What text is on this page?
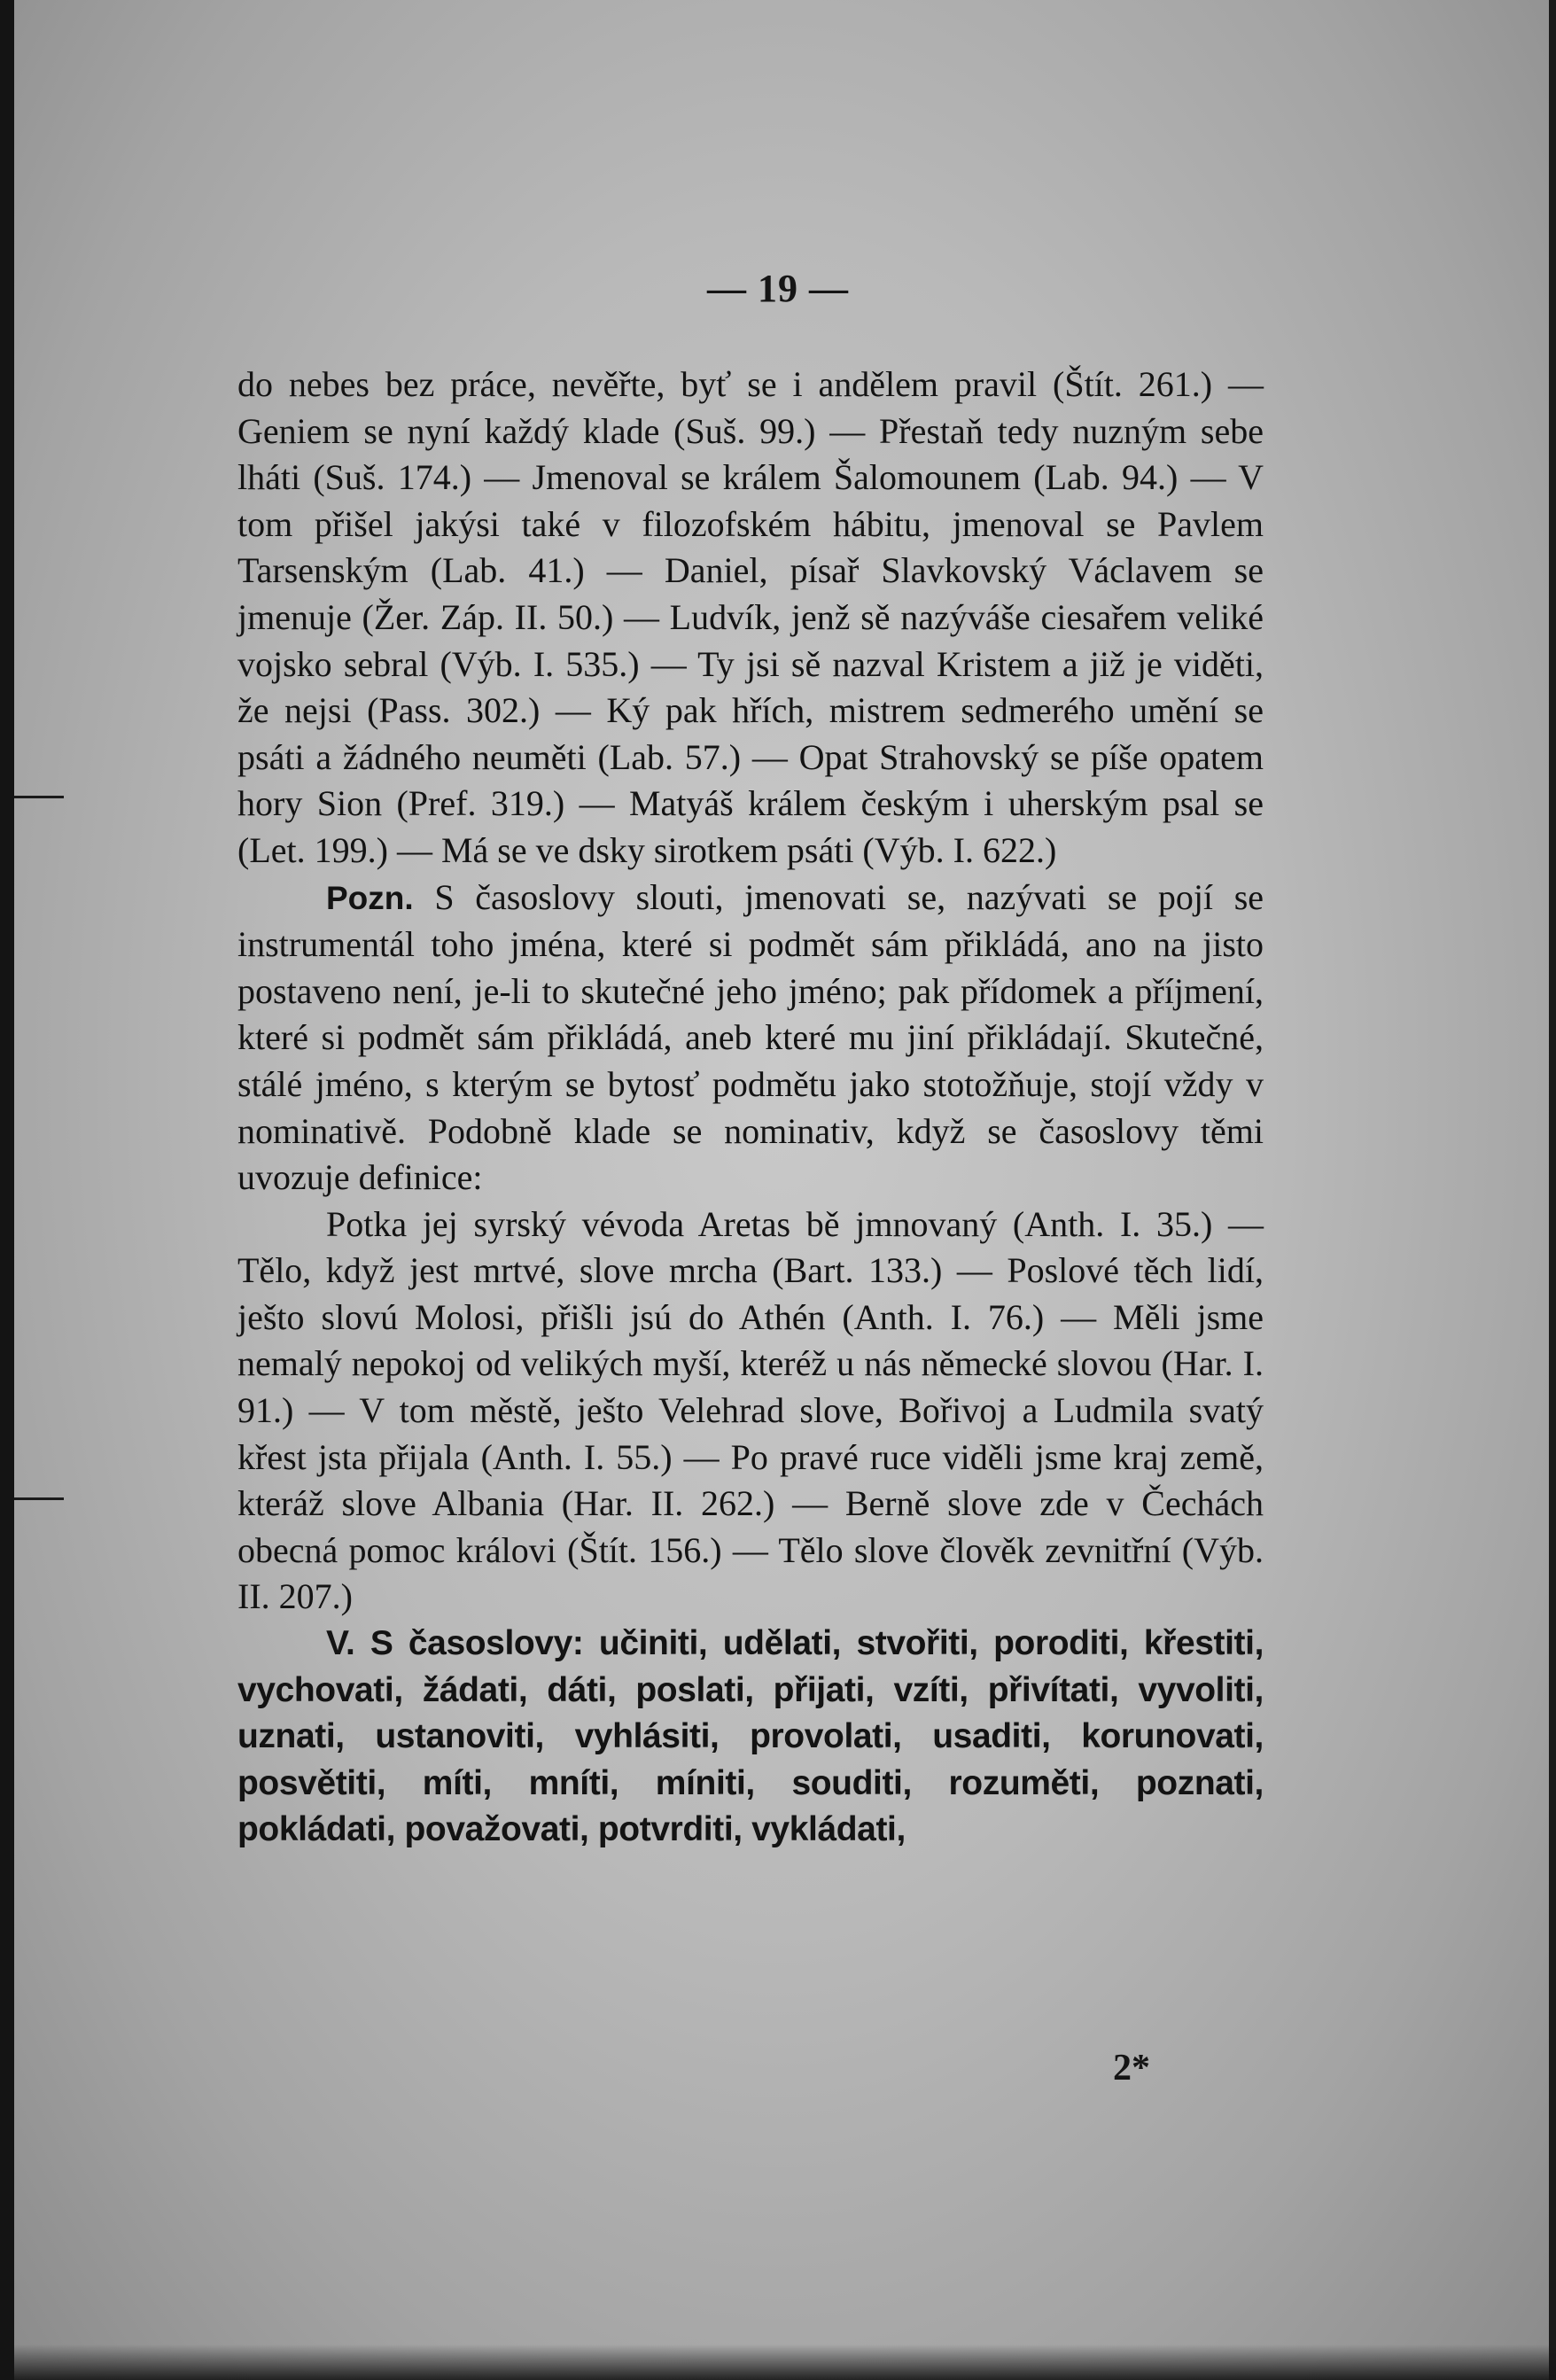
— 19 —

do nebes bez práce, nevěřte, byť se i andělem pravil (Štít. 261.) — Geniem se nyní každý klade (Suš. 99.) — Přestaň tedy nuzným sebe lháti (Suš. 174.) — Jmenoval se králem Šalomounem (Lab. 94.) — V tom přišel jakýsi také v filozofském hábitu, jmenoval se Pavlem Tarsenským (Lab. 41.) — Daniel, písař Slavkovský Václavem se jmenuje (Žer. Záp. II. 50.) — Ludvík, jenž sě nazýváše ciesařem veliké vojsko sebral (Výb. I. 535.) — Ty jsi sě nazval Kristem a již je viděti, že nejsi (Pass. 302.) — Ký pak hřích, mistrem sedmerého umění se psáti a žádného neuměti (Lab. 57.) — Opat Strahovský se píše opatem hory Sion (Pref. 319.) — Matyáš králem českým i uherským psal se (Let. 199.) — Má se ve dsky sirotkem psáti (Výb. I. 622.)

Pozn. S časoslovy slouti, jmenovati se, nazývati se pojí se instrumentál toho jména, které si podmět sám přikládá, ano na jisto postaveno není, je-li to skutečné jeho jméno; pak přídomek a příjmení, které si podmět sám přikládá, aneb které mu jiní přikládají. Skutečné, stálé jméno, s kterým se bytosť podmětu jako stotožňuje, stojí vždy v nominativě. Podobně klade se nominativ, když se časoslovy těmi uvozuje definice:

Potka jej syrský vévoda Aretas bě jmnovaný (Anth. I. 35.) — Tělo, když jest mrtvé, slove mrcha (Bart. 133.) — Poslové těch lidí, ješto slovú Molosi, přišli jsú do Athén (Anth. I. 76.) — Měli jsme nemalý nepokoj od velikých myší, kteréž u nás německé slovou (Har. I. 91.) — V tom městě, ješto Velehrad slove, Bořivoj a Ludmila svatý křest jsta přijala (Anth. I. 55.) — Po pravé ruce viděli jsme kraj země, kteráž slove Albania (Har. II. 262.) — Berně slove zde v Čechách obecná pomoc královi (Štít. 156.) — Tělo slove člověk zevnitřní (Výb. II. 207.)

V. S časoslovy: učiniti, udělati, stvořiti, poroditi, křestiti, vychovati, žádati, dáti, poslati, přijati, vzíti, přivítati, vyvoliti, uznati, ustanoviti, vyhlásiti, provolati, usaditi, korunovati, posvětiti, míti, mníti, míniti, souditi, rozuměti, poznati, pokládati, považovati, potvrditi, vykládati,

2*
